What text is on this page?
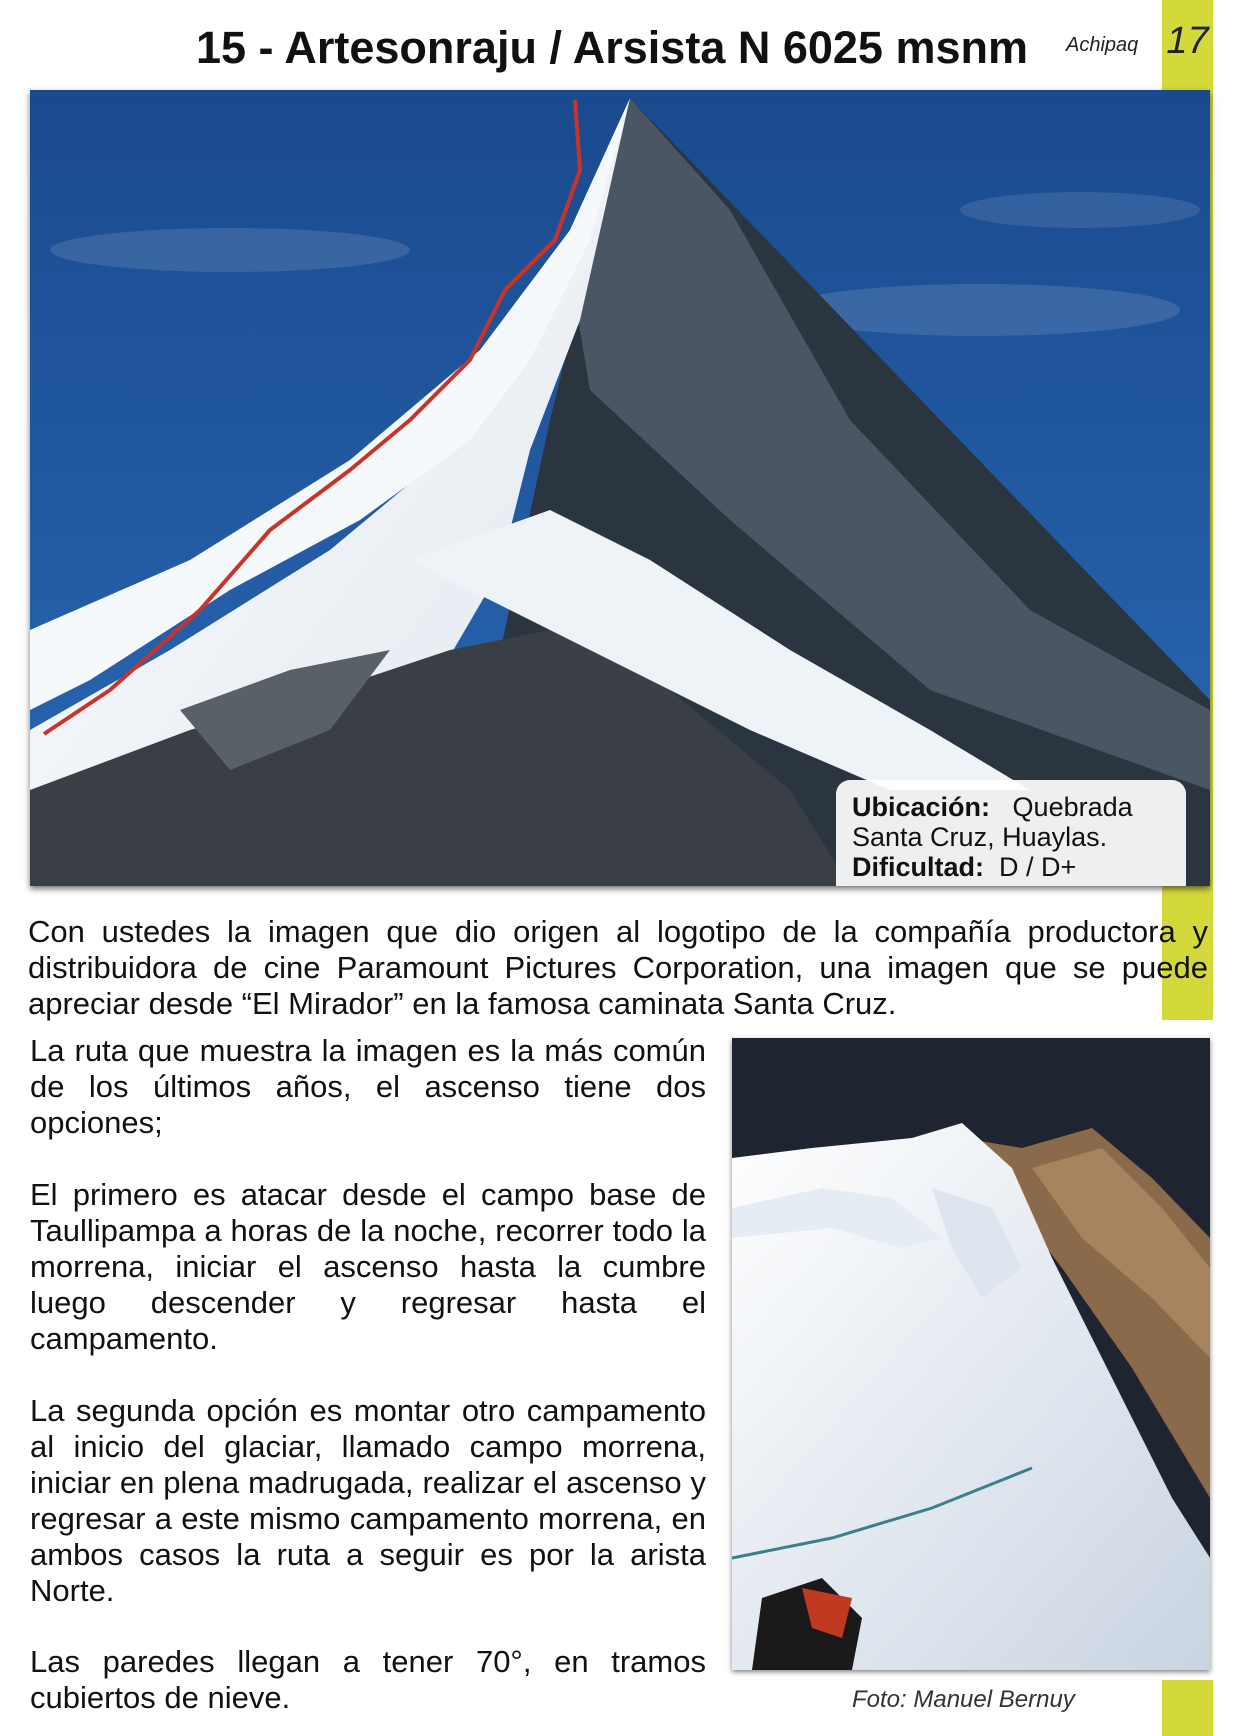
17
15 - Artesonraju / Arsista N 6025 msnm Achipaq
Ubicación: Quebrada
Santa Cruz, Huaylas.
Dificultad: D / D+
Con ustedes la imagen que dio origen al logotipo de la compañía productora y distribuidora de cine Paramount Pictures Corporation, una imagen que se puede apreciar desde “El Mirador” en la famosa caminata Santa Cruz.
La ruta que muestra la imagen es la más común de los últimos años, el ascenso tiene dos opciones;
El primero es atacar desde el campo base de Taullipampa a horas de la noche, recorrer todo la morrena, iniciar el ascenso hasta la cumbre luego descender y regresar hasta el campamento.
La segunda opción es montar otro campamento al inicio del glaciar, llamado campo morrena, iniciar en plena madrugada, realizar el ascenso y regresar a este mismo campamento morrena, en ambos casos la ruta a seguir es por la arista Norte.
Las paredes llegan a tener 70°, en tramos cubiertos de nieve.	Foto: Manuel Bernuy
